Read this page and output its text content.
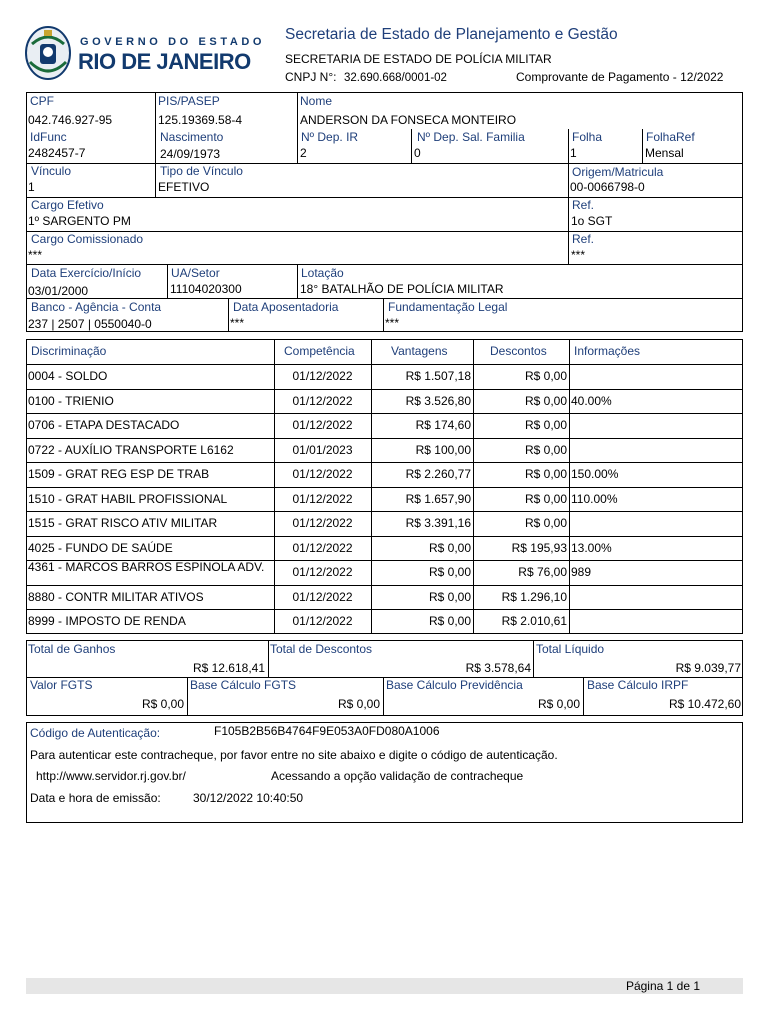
GOVERNO DO ESTADO
RIO DE JANEIRO
Secretaria de Estado de Planejamento e Gestão
SECRETARIA DE ESTADO DE POLÍCIA MILITAR
CNPJ N°: 32.690.668/0001-02	Comprovante de Pagamento - 12/2022
CPF
042.746.927-95
PIS/PASEP
125.19369.58-4
Nome
ANDERSON DA FONSECA MONTEIRO
IdFunc
2482457-7
Nascimento
24/09/1973
Nº Dep. IR
2
Nº Dep. Sal. Familia
0
Folha
1
FolhaRef
Mensal
Vínculo
1
Tipo de Vínculo
EFETIVO
Origem/Matricula
00-0066798-0
Cargo Efetivo
1º SARGENTO PM
Ref.
1o SGT
Cargo Comissionado
***
Ref.
***
Data Exercício/Início
03/01/2000
UA/Setor
11104020300
Lotação
18° BATALHÃO DE POLÍCIA MILITAR
Banco - Agência - Conta
237 | 2507 | 0550040-0
Data Aposentadoria
***
Fundamentação Legal
***
Discriminação	Competência	Vantagens	Descontos Informações
0004 - SOLDO	01/12/2022	R$ 1.507,18	R$ 0,00
0100 - TRIENIO	01/12/2022	R$ 3.526,80	R$ 0,00 40.00%
0706 - ETAPA DESTACADO	01/12/2022	R$ 174,60	R$ 0,00
0722 - AUXÍLIO TRANSPORTE L6162	01/01/2023	R$ 100,00	R$ 0,00
1509 - GRAT REG ESP DE TRAB	01/12/2022	R$ 2.260,77	R$ 0,00 150.00%
1510 - GRAT HABIL PROFISSIONAL	01/12/2022	R$ 1.657,90	R$ 0,00 110.00%
1515 - GRAT RISCO ATIV MILITAR	01/12/2022	R$ 3.391,16	R$ 0,00
4025 - FUNDO DE SAÚDE	01/12/2022	R$ 0,00	R$ 195,93 13.00%
4361 - MARCOS BARROS ESPINOLA ADV.	01/12/2022	R$ 0,00	R$ 76,00 989
8880 - CONTR MILITAR ATIVOS	01/12/2022	R$ 0,00	R$ 1.296,10
8999 - IMPOSTO DE RENDA	01/12/2022	R$ 0,00	R$ 2.010,61
Total de Ganhos
R$ 12.618,41
Total de Descontos
R$ 3.578,64
Total Líquido
R$ 9.039,77
Valor FGTS
R$ 0,00
Base Cálculo FGTS
R$ 0,00
Base Cálculo Previdência
R$ 0,00
Base Cálculo IRPF
R$ 10.472,60
Código de Autenticação:	F105B2B56B4764F9E053A0FD080A1006
Para autenticar este contracheque, por favor entre no site abaixo e digite o código de autenticação.
http://www.servidor.rj.gov.br/	Acessando a opção validação de contracheque
Data e hora de emissão:	30/12/2022 10:40:50
Página 1 de 1
